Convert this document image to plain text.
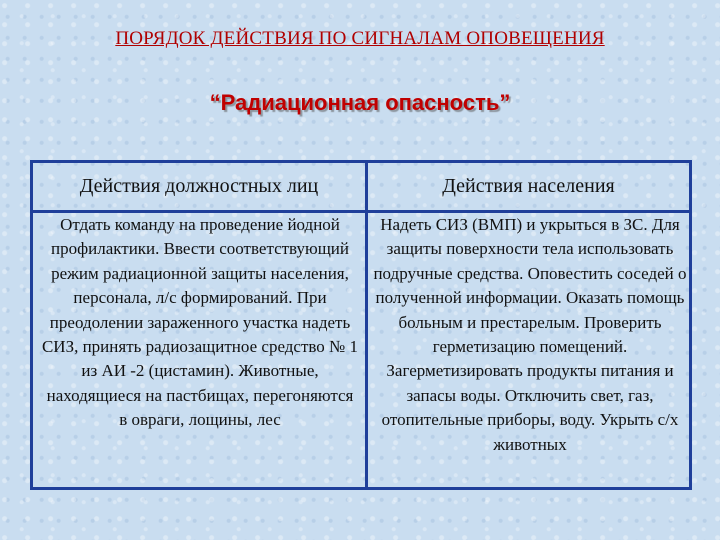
ПОРЯДОК ДЕЙСТВИЯ ПО СИГНАЛАМ ОПОВЕЩЕНИЯ
“Радиационная опасность”
Действия должностных лиц	Действия населения
Отдать команду на проведение йодной профилактики. Ввести соответствующий режим радиационной защиты населения, персонала, л/с формирований. При преодолении зараженного участка надеть СИЗ, принять радиозащитное средство № 1 из АИ -2 (цистамин). Животные, находящиеся на пастбищах, перегоняются в овраги, лощины, лес
Надеть СИЗ (ВМП) и укрыться в ЗС. Для защиты поверхности тела использовать подручные средства. Оповестить соседей о полученной информации. Оказать помощь больным и престарелым. Проверить герметизацию помещений. Загерметизировать продукты питания и запасы воды. Отключить свет, газ, отопительные приборы, воду. Укрыть с/х животных
